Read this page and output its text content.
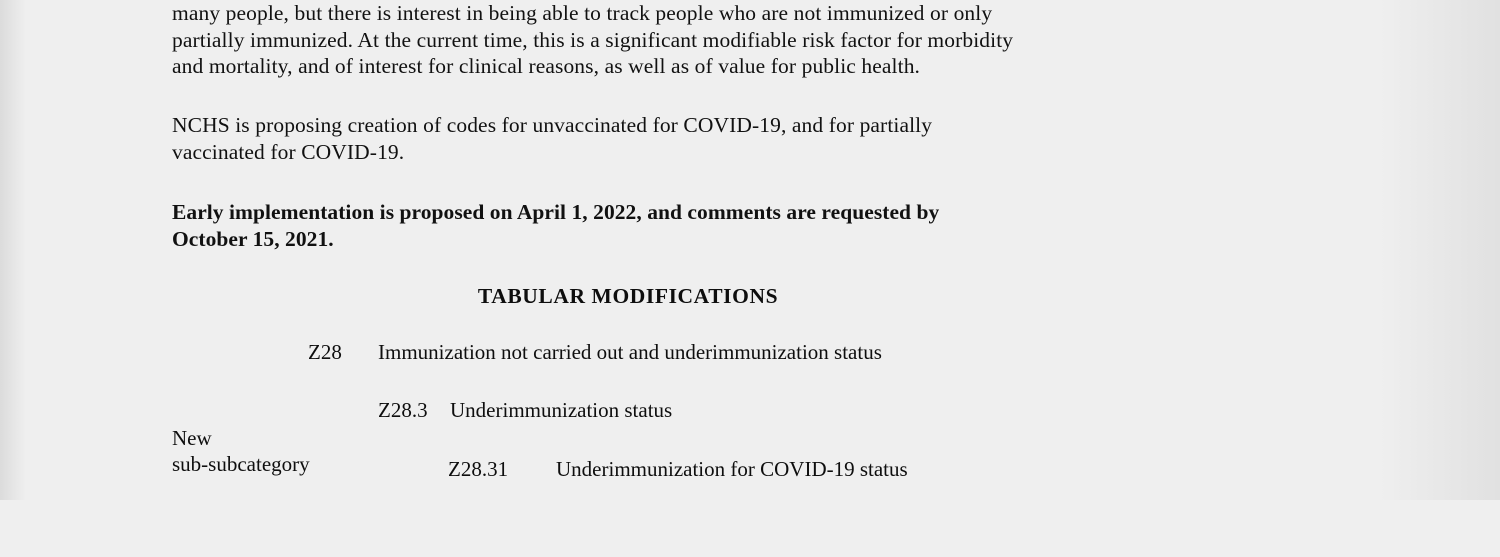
many people, but there is interest in being able to track people who are not immunized or only
partially immunized. At the current time, this is a significant modifiable risk factor for morbidity
and mortality, and of interest for clinical reasons, as well as of value for public health.
NCHS is proposing creation of codes for unvaccinated for COVID-19, and for partially
vaccinated for COVID-19.
Early implementation is proposed on April 1, 2022, and comments are requested by
October 15, 2021.
TABULAR MODIFICATIONS

Z28

Immunization not carried out and underimmunization status

Z28.3

Underimmunization status

Z28.31

Underimmunization for COVID-19 status

New
sub-subcategory
